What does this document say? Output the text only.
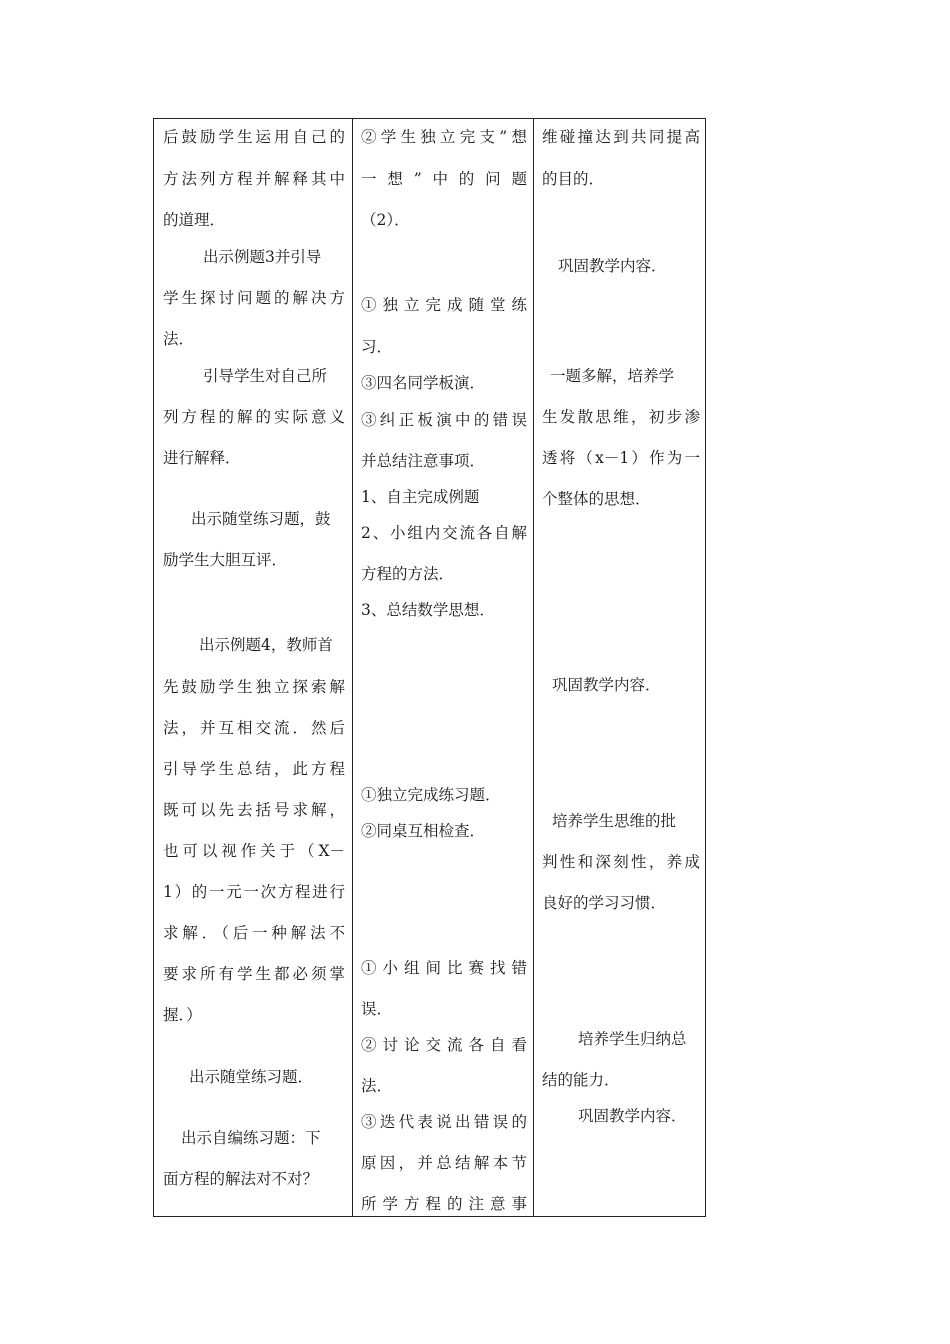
后鼓励学生运用自己的
方法列方程并解释其中
的道理．
出示例题3并引导
学生探讨问题的解决方
法．
引导学生对自己所
列方程的解的实际意义
进行解释．
出示随堂练习题，鼓
励学生大胆互评．
出示例题4，教师首
先鼓励学生独立探索解
法，并互相交流．然后
引导学生总结，此方程
既可以先去括号求解，
也可以视作关于（X－
1）的一元一次方程进行
求解．（后一种解法不
要求所有学生都必须掌
握．）
出示随堂练习题．
出示自编练习题：下
面方程的解法对不对？
②学生独立完支”想
一想”中的问题
（2）．
①独立完成随堂练
习．
③四名同学板演．
③纠正板演中的错误
并总结注意事项．
1、自主完成例题
2、小组内交流各自解
方程的方法．
3、总结数学思想．
①独立完成练习题．
②同桌互相检查．
①小组间比赛找错
误．
②讨论交流各自看
法．
③迭代表说出错误的
原因，并总结解本节
所学方程的注意事
维碰撞达到共同提高
的目的．
巩固教学内容．
一题多解，培养学
生发散思维，初步渗
透将（x－1）作为一
个整体的思想．
巩固教学内容．
培养学生思维的批
判性和深刻性，养成
良好的学习习惯．
培养学生归纳总
结的能力．
巩固教学内容．
